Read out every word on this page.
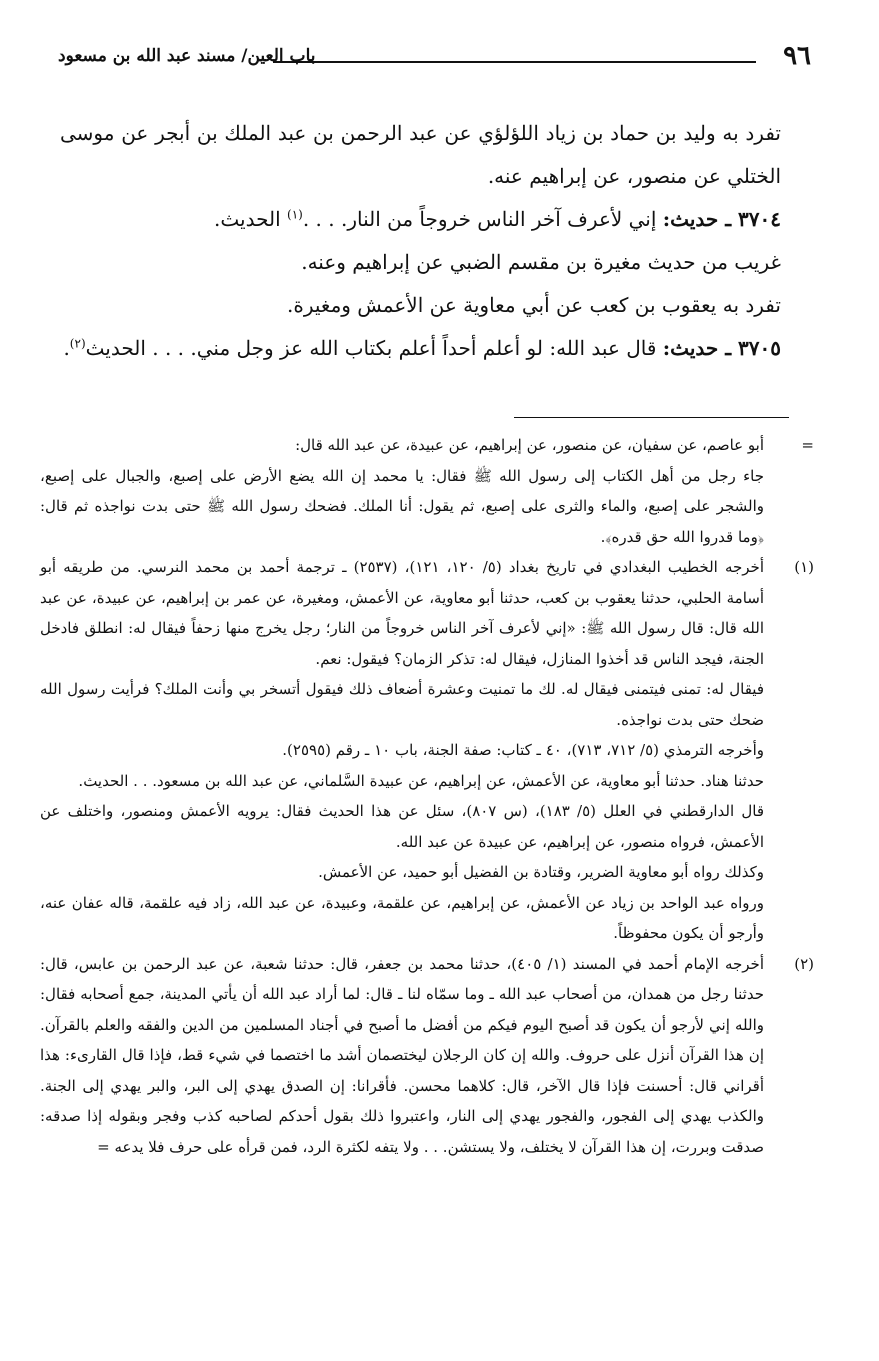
٩٦
باب العين/ مسند عبد الله بن مسعود

تفرد به وليد بن حماد بن زياد اللؤلؤي عن عبد الرحمن بن عبد الملك بن أبجر عن موسى الختلي عن منصور، عن إبراهيم عنه.

٣٧٠٤ ـ حديث: إني لأعرف آخر الناس خروجاً من النار. . . .$^{(١)}$ الحديث.

غريب من حديث مغيرة بن مقسم الضبي عن إبراهيم وعنه.

تفرد به يعقوب بن كعب عن أبي معاوية عن الأعمش ومغيرة.

٣٧٠٥ ـ حديث: قال عبد الله: لو أعلم أحداً أعلم بكتاب الله عز وجل مني. . . . الحديث$^{(٢)}$.

=

أبو عاصم، عن سفيان، عن منصور، عن إبراهيم، عن عبيدة، عن عبد الله قال:

جاء رجل من أهل الكتاب إلى رسول الله ﷺ فقال: يا محمد إن الله يضع الأرض على إصبع، والجبال على إصبع، والشجر على إصبع، والماء والثرى على إصبع، ثم يقول: أنا الملك. فضحك رسول الله ﷺ حتى بدت نواجذه ثم قال: ﴿وما قدروا الله حق قدره﴾.

(١)

أخرجه الخطيب البغدادي في تاريخ بغداد (٥/ ١٢٠، ١٢١)، (٢٥٣٧) ـ ترجمة أحمد بن محمد النرسي. من طريقه أبو أسامة الحلبي، حدثنا يعقوب بن كعب، حدثنا أبو معاوية، عن الأعمش، ومغيرة، عن عمر بن إبراهيم، عن عبيدة، عن عبد الله قال: قال رسول الله ﷺ: «إني لأعرف آخر الناس خروجاً من النار؛ رجل يخرج منها زحفاً فيقال له: انطلق فادخل الجنة، فيجد الناس قد أخذوا المنازل، فيقال له: تذكر الزمان؟ فيقول: نعم.

فيقال له: تمنى فيتمنى فيقال له. لك ما تمنيت وعشرة أضعاف ذلك فيقول أتسخر بي وأنت الملك؟ فرأيت رسول الله ضحك حتى بدت نواجذه.

وأخرجه الترمذي (٥/ ٧١٢، ٧١٣)، ٤٠ ـ كتاب: صفة الجنة، باب ١٠ ـ رقم (٢٥٩٥).

حدثنا هناد. حدثنا أبو معاوية، عن الأعمش، عن إبراهيم، عن عبيدة السَّلماني، عن عبد الله بن مسعود. . . الحديث.

قال الدارقطني في العلل (٥/ ١٨٣)، (س ٨٠٧)، سئل عن هذا الحديث فقال: يرويه الأعمش ومنصور، واختلف عن الأعمش، فرواه منصور، عن إبراهيم، عن عبيدة عن عبد الله.

وكذلك رواه أبو معاوية الضرير، وقتادة بن الفضيل أبو حميد، عن الأعمش.

ورواه عبد الواحد بن زياد عن الأعمش، عن إبراهيم، عن علقمة، وعبيدة، عن عبد الله، زاد فيه علقمة، قاله عفان عنه، وأرجو أن يكون محفوظاً.

(٢)

أخرجه الإمام أحمد في المسند (١/ ٤٠٥)، حدثنا محمد بن جعفر، قال: حدثنا شعبة، عن عبد الرحمن بن عابس، قال: حدثنا رجل من همدان، من أصحاب عبد الله ـ وما سمّاه لنا ـ قال: لما أراد عبد الله أن يأتي المدينة، جمع أصحابه فقال: والله إني لأرجو أن يكون قد أصبح اليوم فيكم من أفضل ما أصبح في أجناد المسلمين من الدين والفقه والعلم بالقرآن. إن هذا القرآن أنزل على حروف. والله إن كان الرجلان ليختصمان أشد ما اختصما في شيء قط، فإذا قال القارىء: هذا أقراني قال: أحسنت فإذا قال الآخر، قال: كلاهما محسن. فأقرانا: إن الصدق يهدي إلى البر، والبر يهدي إلى الجنة. والكذب يهدي إلى الفجور، والفجور يهدي إلى النار، واعتبروا ذلك بقول أحدكم لصاحبه كذب وفجر وبقوله إذا صدقه: صدقت وبررت، إن هذا القرآن لا يختلف، ولا يستشن. . . ولا يتفه لكثرة الرد، فمن قرأه على حرف فلا يدعه =
